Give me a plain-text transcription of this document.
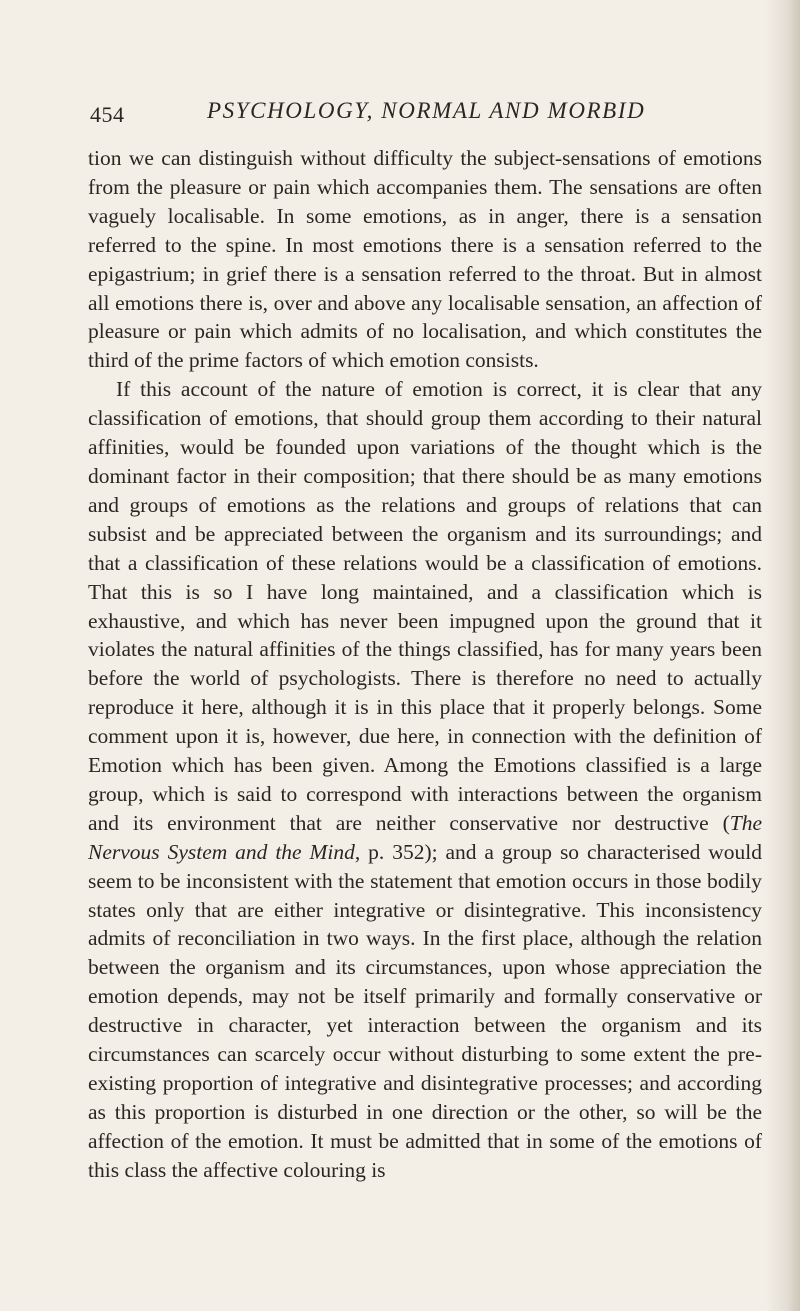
454	PSYCHOLOGY, NORMAL AND MORBID

tion we can distinguish without difficulty the subject-sensations of emotions from the pleasure or pain which accompanies them. The sensations are often vaguely localisable. In some emotions, as in anger, there is a sensation referred to the spine. In most emotions there is a sensation referred to the epigastrium; in grief there is a sensation referred to the throat. But in almost all emotions there is, over and above any localisable sensation, an affection of pleasure or pain which admits of no localisation, and which constitutes the third of the prime factors of which emotion consists.

If this account of the nature of emotion is correct, it is clear that any classification of emotions, that should group them according to their natural affinities, would be founded upon variations of the thought which is the dominant factor in their composition; that there should be as many emotions and groups of emotions as the relations and groups of relations that can subsist and be appreciated between the organism and its surroundings; and that a classification of these relations would be a classification of emotions. That this is so I have long maintained, and a classification which is exhaustive, and which has never been impugned upon the ground that it violates the natural affinities of the things classified, has for many years been before the world of psychologists. There is therefore no need to actually reproduce it here, although it is in this place that it properly belongs. Some comment upon it is, however, due here, in connection with the definition of Emotion which has been given. Among the Emotions classified is a large group, which is said to correspond with interactions between the organism and its environment that are neither conservative nor destructive (The Nervous System and the Mind, p. 352); and a group so characterised would seem to be inconsistent with the statement that emotion occurs in those bodily states only that are either integrative or disintegrative. This inconsistency admits of reconciliation in two ways. In the first place, although the relation between the organism and its circumstances, upon whose appreciation the emotion depends, may not be itself primarily and formally conservative or destructive in character, yet interaction between the organism and its circumstances can scarcely occur without disturbing to some extent the pre-existing proportion of integrative and disintegrative processes; and according as this proportion is disturbed in one direction or the other, so will be the affection of the emotion. It must be admitted that in some of the emotions of this class the affective colouring is
